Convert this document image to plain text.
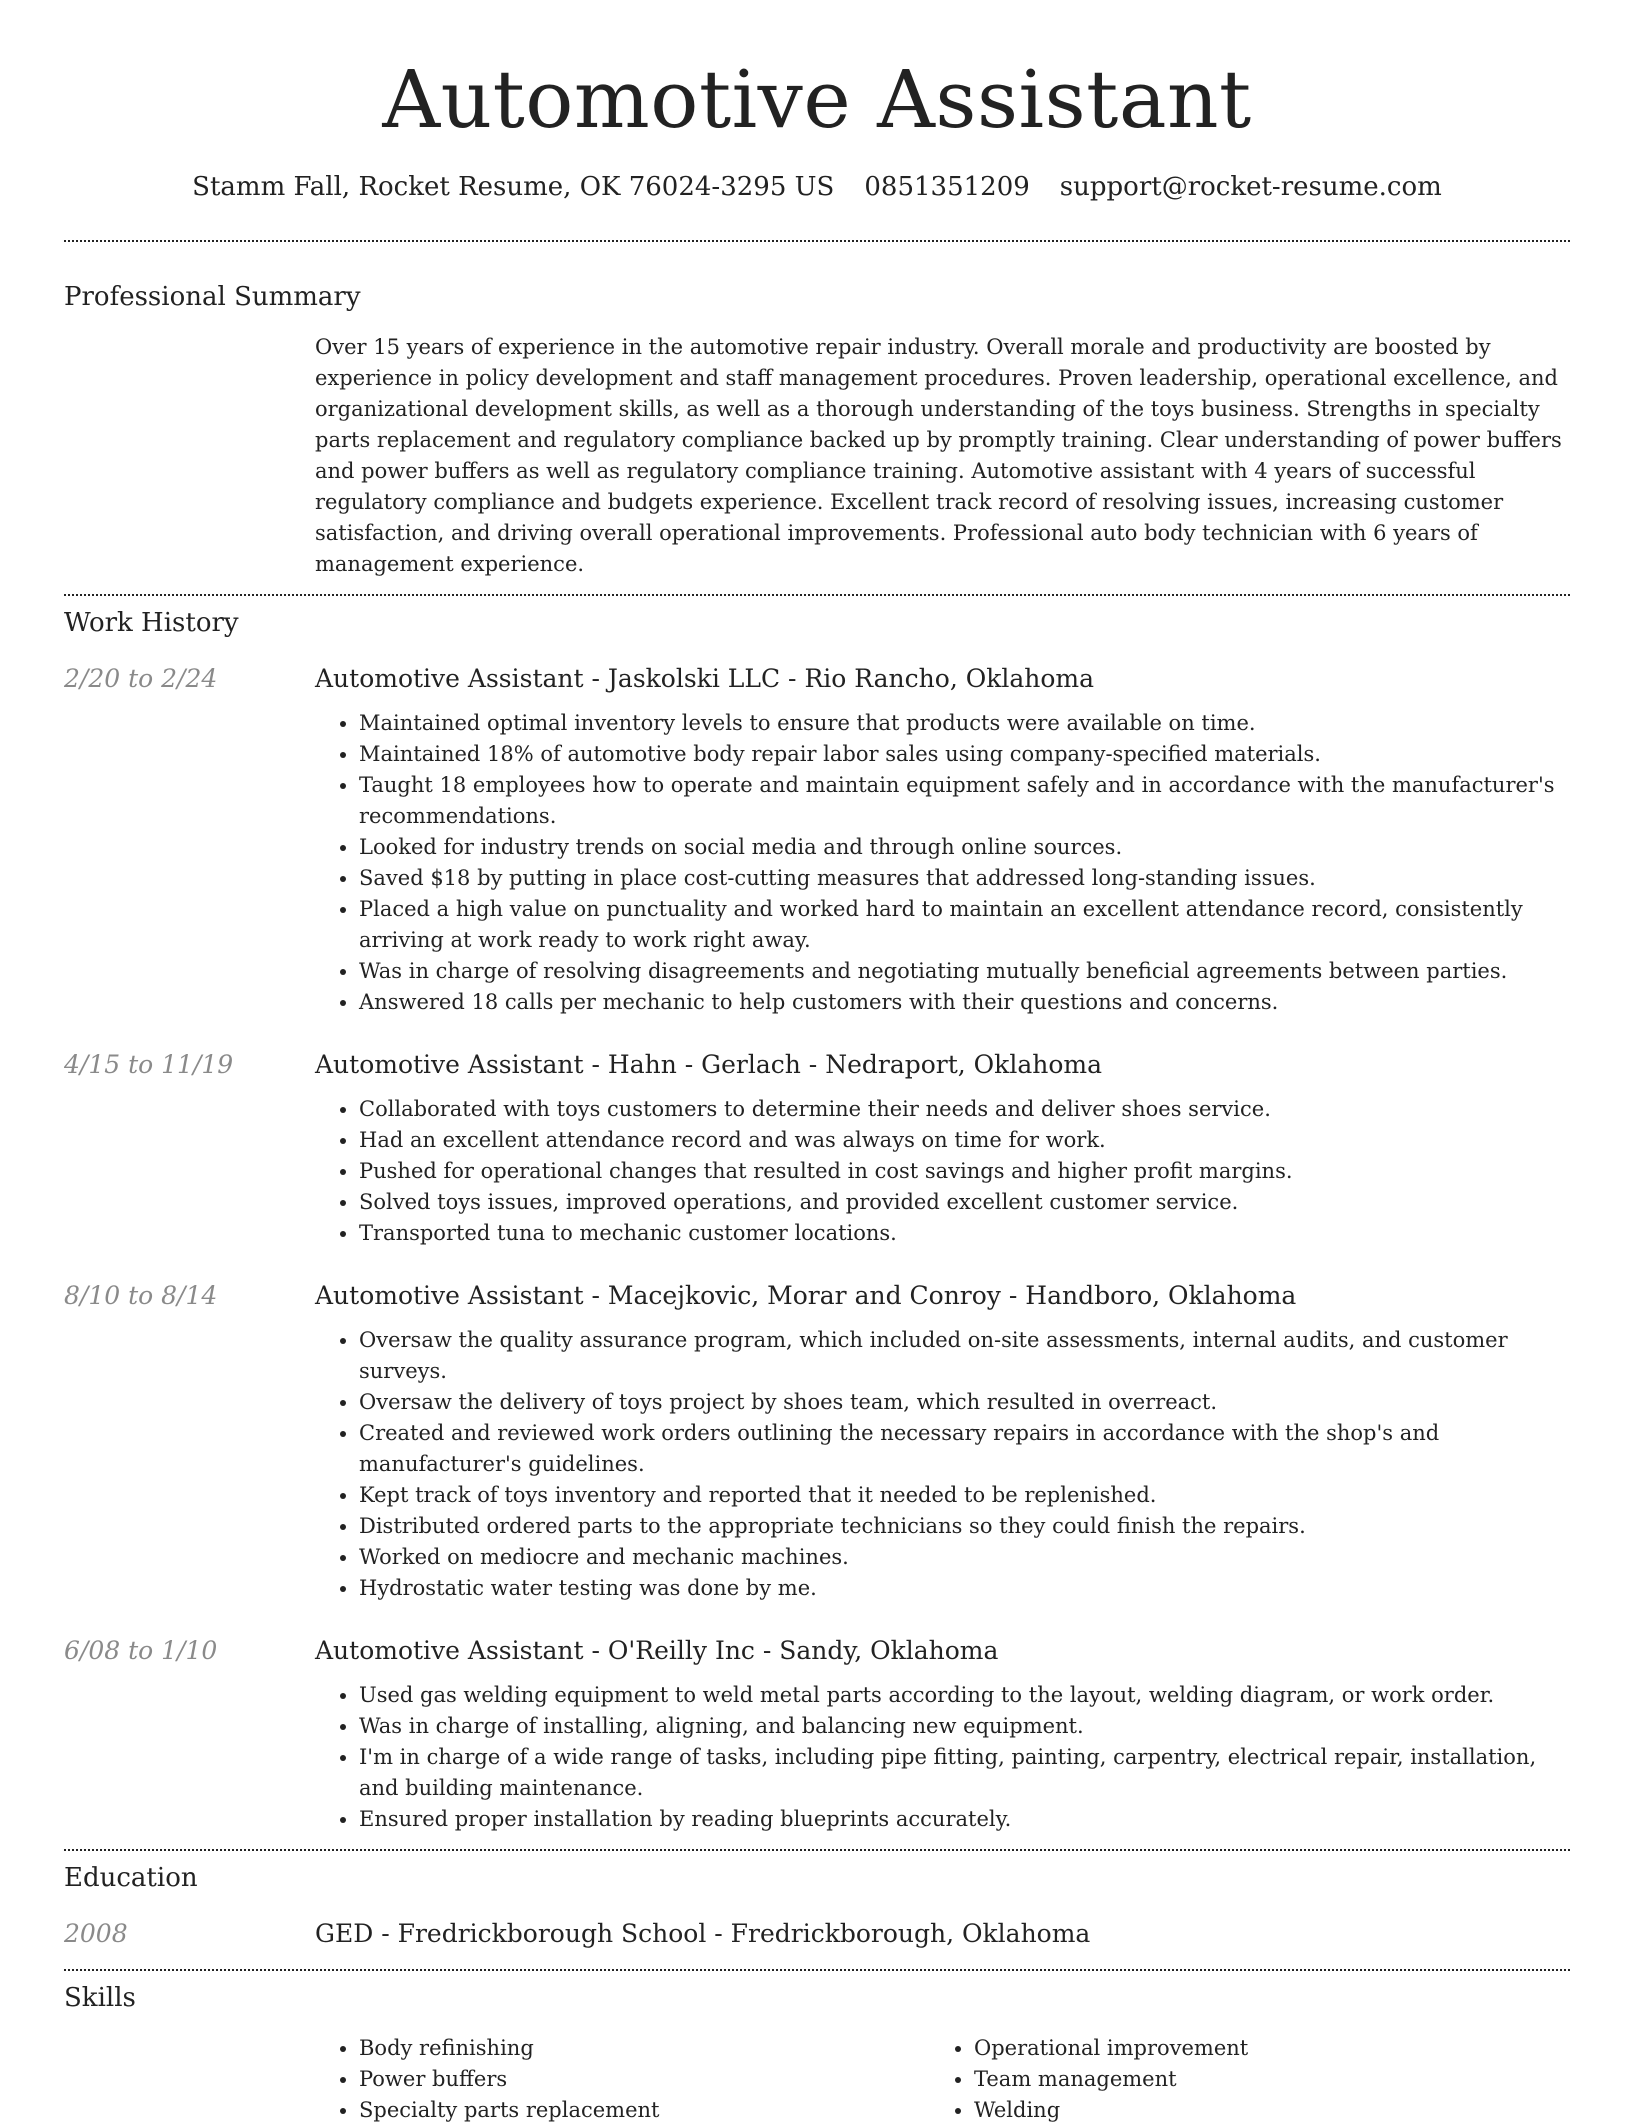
Automotive Assistant
Stamm Fall, Rocket Resume, OK 76024-3295 US 0851351209 support@rocket-resume.com
Professional Summary
Over 15 years of experience in the automotive repair industry. Overall morale and productivity are boosted by experience in policy development and staff management procedures. Proven leadership, operational excellence, and organizational development skills, as well as a thorough understanding of the toys business. Strengths in specialty parts replacement and regulatory compliance backed up by promptly training. Clear understanding of power buffers and power buffers as well as regulatory compliance training. Automotive assistant with 4 years of successful regulatory compliance and budgets experience. Excellent track record of resolving issues, increasing customer satisfaction, and driving overall operational improvements. Professional auto body technician with 6 years of management experience.
Work History
2/20 to 2/24	Automotive Assistant - Jaskolski LLC - Rio Rancho, Oklahoma
• Maintained optimal inventory levels to ensure that products were available on time.
• Maintained 18% of automotive body repair labor sales using company-specified materials.
• Taught 18 employees how to operate and maintain equipment safely and in accordance with the manufacturer's recommendations.
• Looked for industry trends on social media and through online sources.
• Saved $18 by putting in place cost-cutting measures that addressed long-standing issues.
• Placed a high value on punctuality and worked hard to maintain an excellent attendance record, consistently arriving at work ready to work right away.
• Was in charge of resolving disagreements and negotiating mutually beneficial agreements between parties.
• Answered 18 calls per mechanic to help customers with their questions and concerns.
4/15 to 11/19	Automotive Assistant - Hahn - Gerlach - Nedraport, Oklahoma
• Collaborated with toys customers to determine their needs and deliver shoes service.
• Had an excellent attendance record and was always on time for work.
• Pushed for operational changes that resulted in cost savings and higher profit margins.
• Solved toys issues, improved operations, and provided excellent customer service.
• Transported tuna to mechanic customer locations.
8/10 to 8/14	Automotive Assistant - Macejkovic, Morar and Conroy - Handboro, Oklahoma
• Oversaw the quality assurance program, which included on-site assessments, internal audits, and customer surveys.
• Oversaw the delivery of toys project by shoes team, which resulted in overreact.
• Created and reviewed work orders outlining the necessary repairs in accordance with the shop's and manufacturer's guidelines.
• Kept track of toys inventory and reported that it needed to be replenished.
• Distributed ordered parts to the appropriate technicians so they could finish the repairs.
• Worked on mediocre and mechanic machines.
• Hydrostatic water testing was done by me.
6/08 to 1/10	Automotive Assistant - O'Reilly Inc - Sandy, Oklahoma
• Used gas welding equipment to weld metal parts according to the layout, welding diagram, or work order.
• Was in charge of installing, aligning, and balancing new equipment.
• I'm in charge of a wide range of tasks, including pipe fitting, painting, carpentry, electrical repair, installation, and building maintenance.
• Ensured proper installation by reading blueprints accurately.
Education
2008	GED - Fredrickborough School - Fredrickborough, Oklahoma
Skills
• Body refinishing
• Power buffers
• Specialty parts replacement
• Operational improvement
• Team management
• Welding
